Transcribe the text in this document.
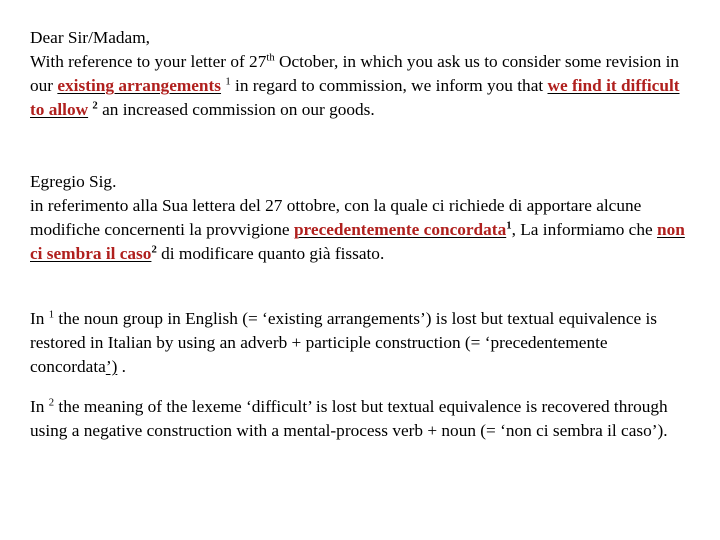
Dear Sir/Madam,
With reference to your letter of 27th October, in which you ask us to consider some revision in our existing arrangements $^1$ in regard to commission, we inform you that we find it difficult to allow $^2$ an increased commission on our goods.

Egregio Sig.
in referimento alla Sua lettera del 27 ottobre, con la quale ci richiede di apportare alcune modifiche concernenti la provvigione precedentemente concordata$^1$, La informiamo che non ci sembra il caso$^2$ di modificare quanto già fissato.

In $^1$ the noun group in English (= ‘existing arrangements’) is lost but textual equivalence is restored in Italian by using an adverb + participle construction (= ‘precedentemente concordata’) .

In $^2$ the meaning of the lexeme ‘difficult’ is lost but textual equivalence is recovered through using a negative construction with a mental-process verb + noun (= ‘non ci sembra il caso’).
